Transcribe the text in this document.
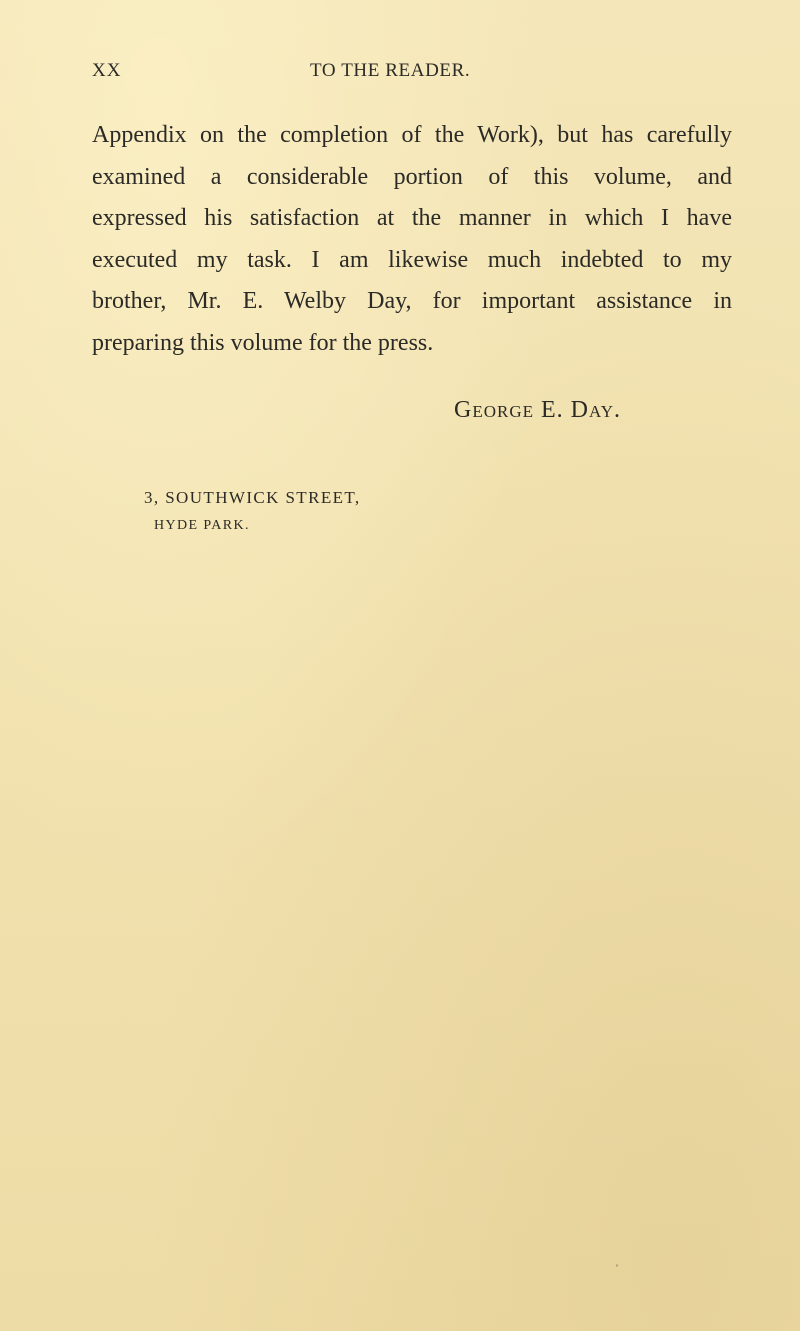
XX	TO THE READER.
Appendix on the completion of the Work), but has carefully
examined a considerable portion of this volume, and
expressed his satisfaction at the manner in which I have
executed my task. I am likewise much indebted to my
brother, Mr. E. Welby Day, for important assistance in
preparing this volume for the press.
George E. Day.
3, SOUTHWICK STREET,
HYDE PARK.
